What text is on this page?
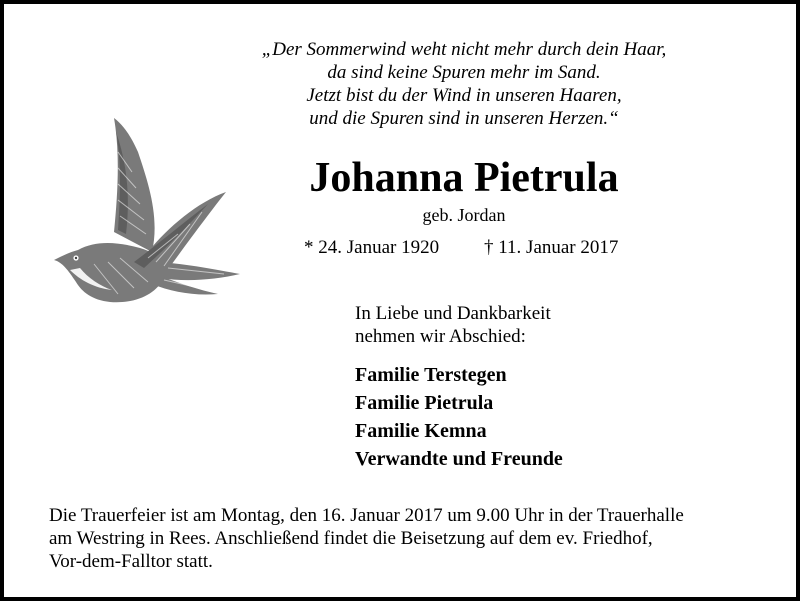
„Der Sommerwind weht nicht mehr durch dein Haar,
da sind keine Spuren mehr im Sand.
Jetzt bist du der Wind in unseren Haaren,
und die Spuren sind in unseren Herzen.“
Johanna Pietrula
geb. Jordan
* 24. Januar 1920 † 11. Januar 2017
In Liebe und Dankbarkeit
nehmen wir Abschied:
Familie Terstegen
Familie Pietrula
Familie Kemna
Verwandte und Freunde
Die Trauerfeier ist am Montag, den 16. Januar 2017 um 9.00 Uhr in der Trauerhalle
am Westring in Rees. Anschließend findet die Beisetzung auf dem ev. Friedhof,
Vor-dem-Falltor statt.
